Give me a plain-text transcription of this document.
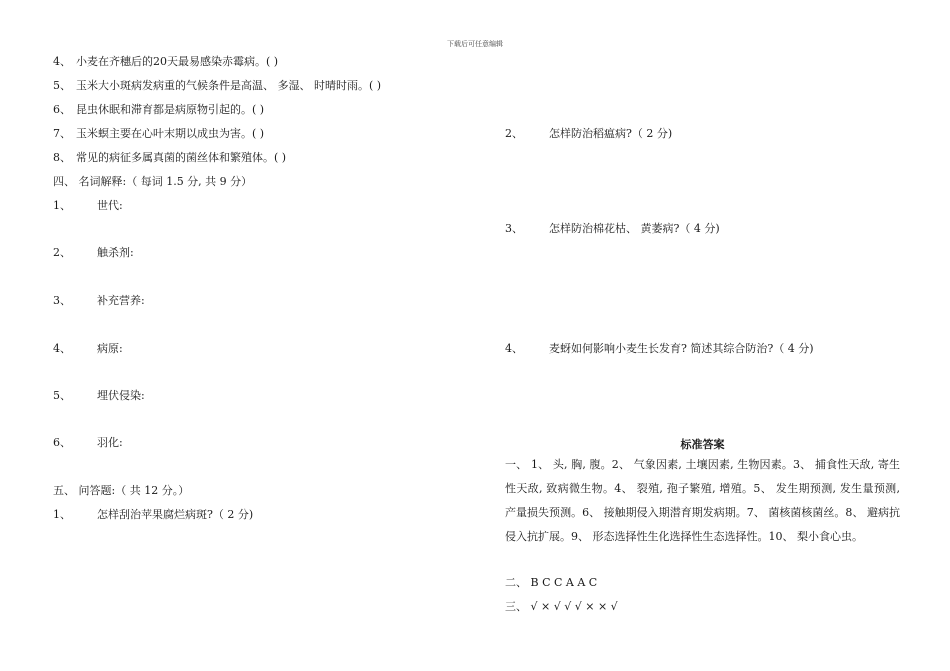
下载后可任意编辑
4、 小麦在齐穗后的20天最易感染赤霉病。( )
5、 玉米大小斑病发病重的气候条件是高温、 多湿、 时晴时雨。( )
6、 昆虫休眠和滞育都是病原物引起的。( )
7、 玉米螟主要在心叶末期以成虫为害。( )
8、 常见的病征多属真菌的菌丝体和繁殖体。( )
四、 名词解释:（ 每词 1.5 分, 共 9 分）
1、 世代:
2、 触杀剂:
3、 补充营养:
4、 病原:
5、 埋伏侵染:
6、 羽化:
五、 问答题:（ 共 12 分。）
1、 怎样刮治苹果腐烂病斑?（ 2 分)
2、 怎样防治稻瘟病?（ 2 分)
3、 怎样防治棉花枯、 黄萎病?（ 4 分)
4、 麦蚜如何影响小麦生长发育? 简述其综合防治?（ 4 分)
标准答案
一、 1、 头, 胸, 腹。2、 气象因素, 土壤因素, 生物因素。3、 捕食性天敌, 寄生性天敌, 致病微生物。4、 裂殖, 孢子繁殖, 增殖。5、 发生期预测, 发生量预测, 产量损失预测。6、 接触期侵入期潜育期发病期。7、 菌核菌核菌丝。8、 避病抗侵入抗扩展。9、 形态选择性生化选择性生态选择性。10、 梨小食心虫。
二、 B C C A A C
三、 √ × √ √ √ × × √
